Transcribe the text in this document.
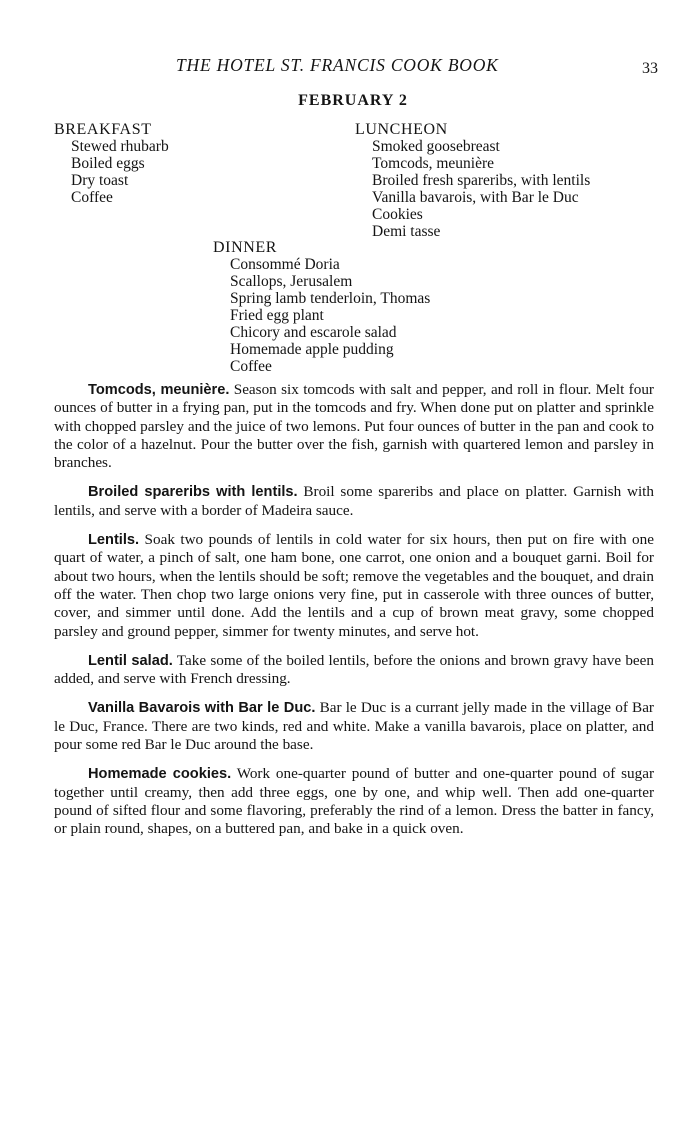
THE HOTEL ST. FRANCIS COOK BOOK	33
FEBRUARY 2
BREAKFAST
Stewed rhubarb
Boiled eggs
Dry toast
Coffee
LUNCHEON
Smoked goosebreast
Tomcods, meunière
Broiled fresh spareribs, with lentils
Vanilla bavarois, with Bar le Duc
Cookies
Demi tasse
DINNER
Consommé Doria
Scallops, Jerusalem
Spring lamb tenderloin, Thomas
Fried egg plant
Chicory and escarole salad
Homemade apple pudding
Coffee

Tomcods, meunière. Season six tomcods with salt and pepper, and roll in flour. Melt four ounces of butter in a frying pan, put in the tomcods and fry. When done put on platter and sprinkle with chopped parsley and the juice of two lemons. Put four ounces of butter in the pan and cook to the color of a hazelnut. Pour the butter over the fish, garnish with quartered lemon and parsley in branches.

Broiled spareribs with lentils. Broil some spareribs and place on platter. Garnish with lentils, and serve with a border of Madeira sauce.

Lentils. Soak two pounds of lentils in cold water for six hours, then put on fire with one quart of water, a pinch of salt, one ham bone, one carrot, one onion and a bouquet garni. Boil for about two hours, when the lentils should be soft; remove the vegetables and the bouquet, and drain off the water. Then chop two large onions very fine, put in casserole with three ounces of butter, cover, and simmer until done. Add the lentils and a cup of brown meat gravy, some chopped parsley and ground pepper, simmer for twenty minutes, and serve hot.

Lentil salad. Take some of the boiled lentils, before the onions and brown gravy have been added, and serve with French dressing.

Vanilla Bavarois with Bar le Duc. Bar le Duc is a currant jelly made in the village of Bar le Duc, France. There are two kinds, red and white. Make a vanilla bavarois, place on platter, and pour some red Bar le Duc around the base.

Homemade cookies. Work one-quarter pound of butter and one-quarter pound of sugar together until creamy, then add three eggs, one by one, and whip well. Then add one-quarter pound of sifted flour and some flavoring, preferably the rind of a lemon. Dress the batter in fancy, or plain round, shapes, on a buttered pan, and bake in a quick oven.
